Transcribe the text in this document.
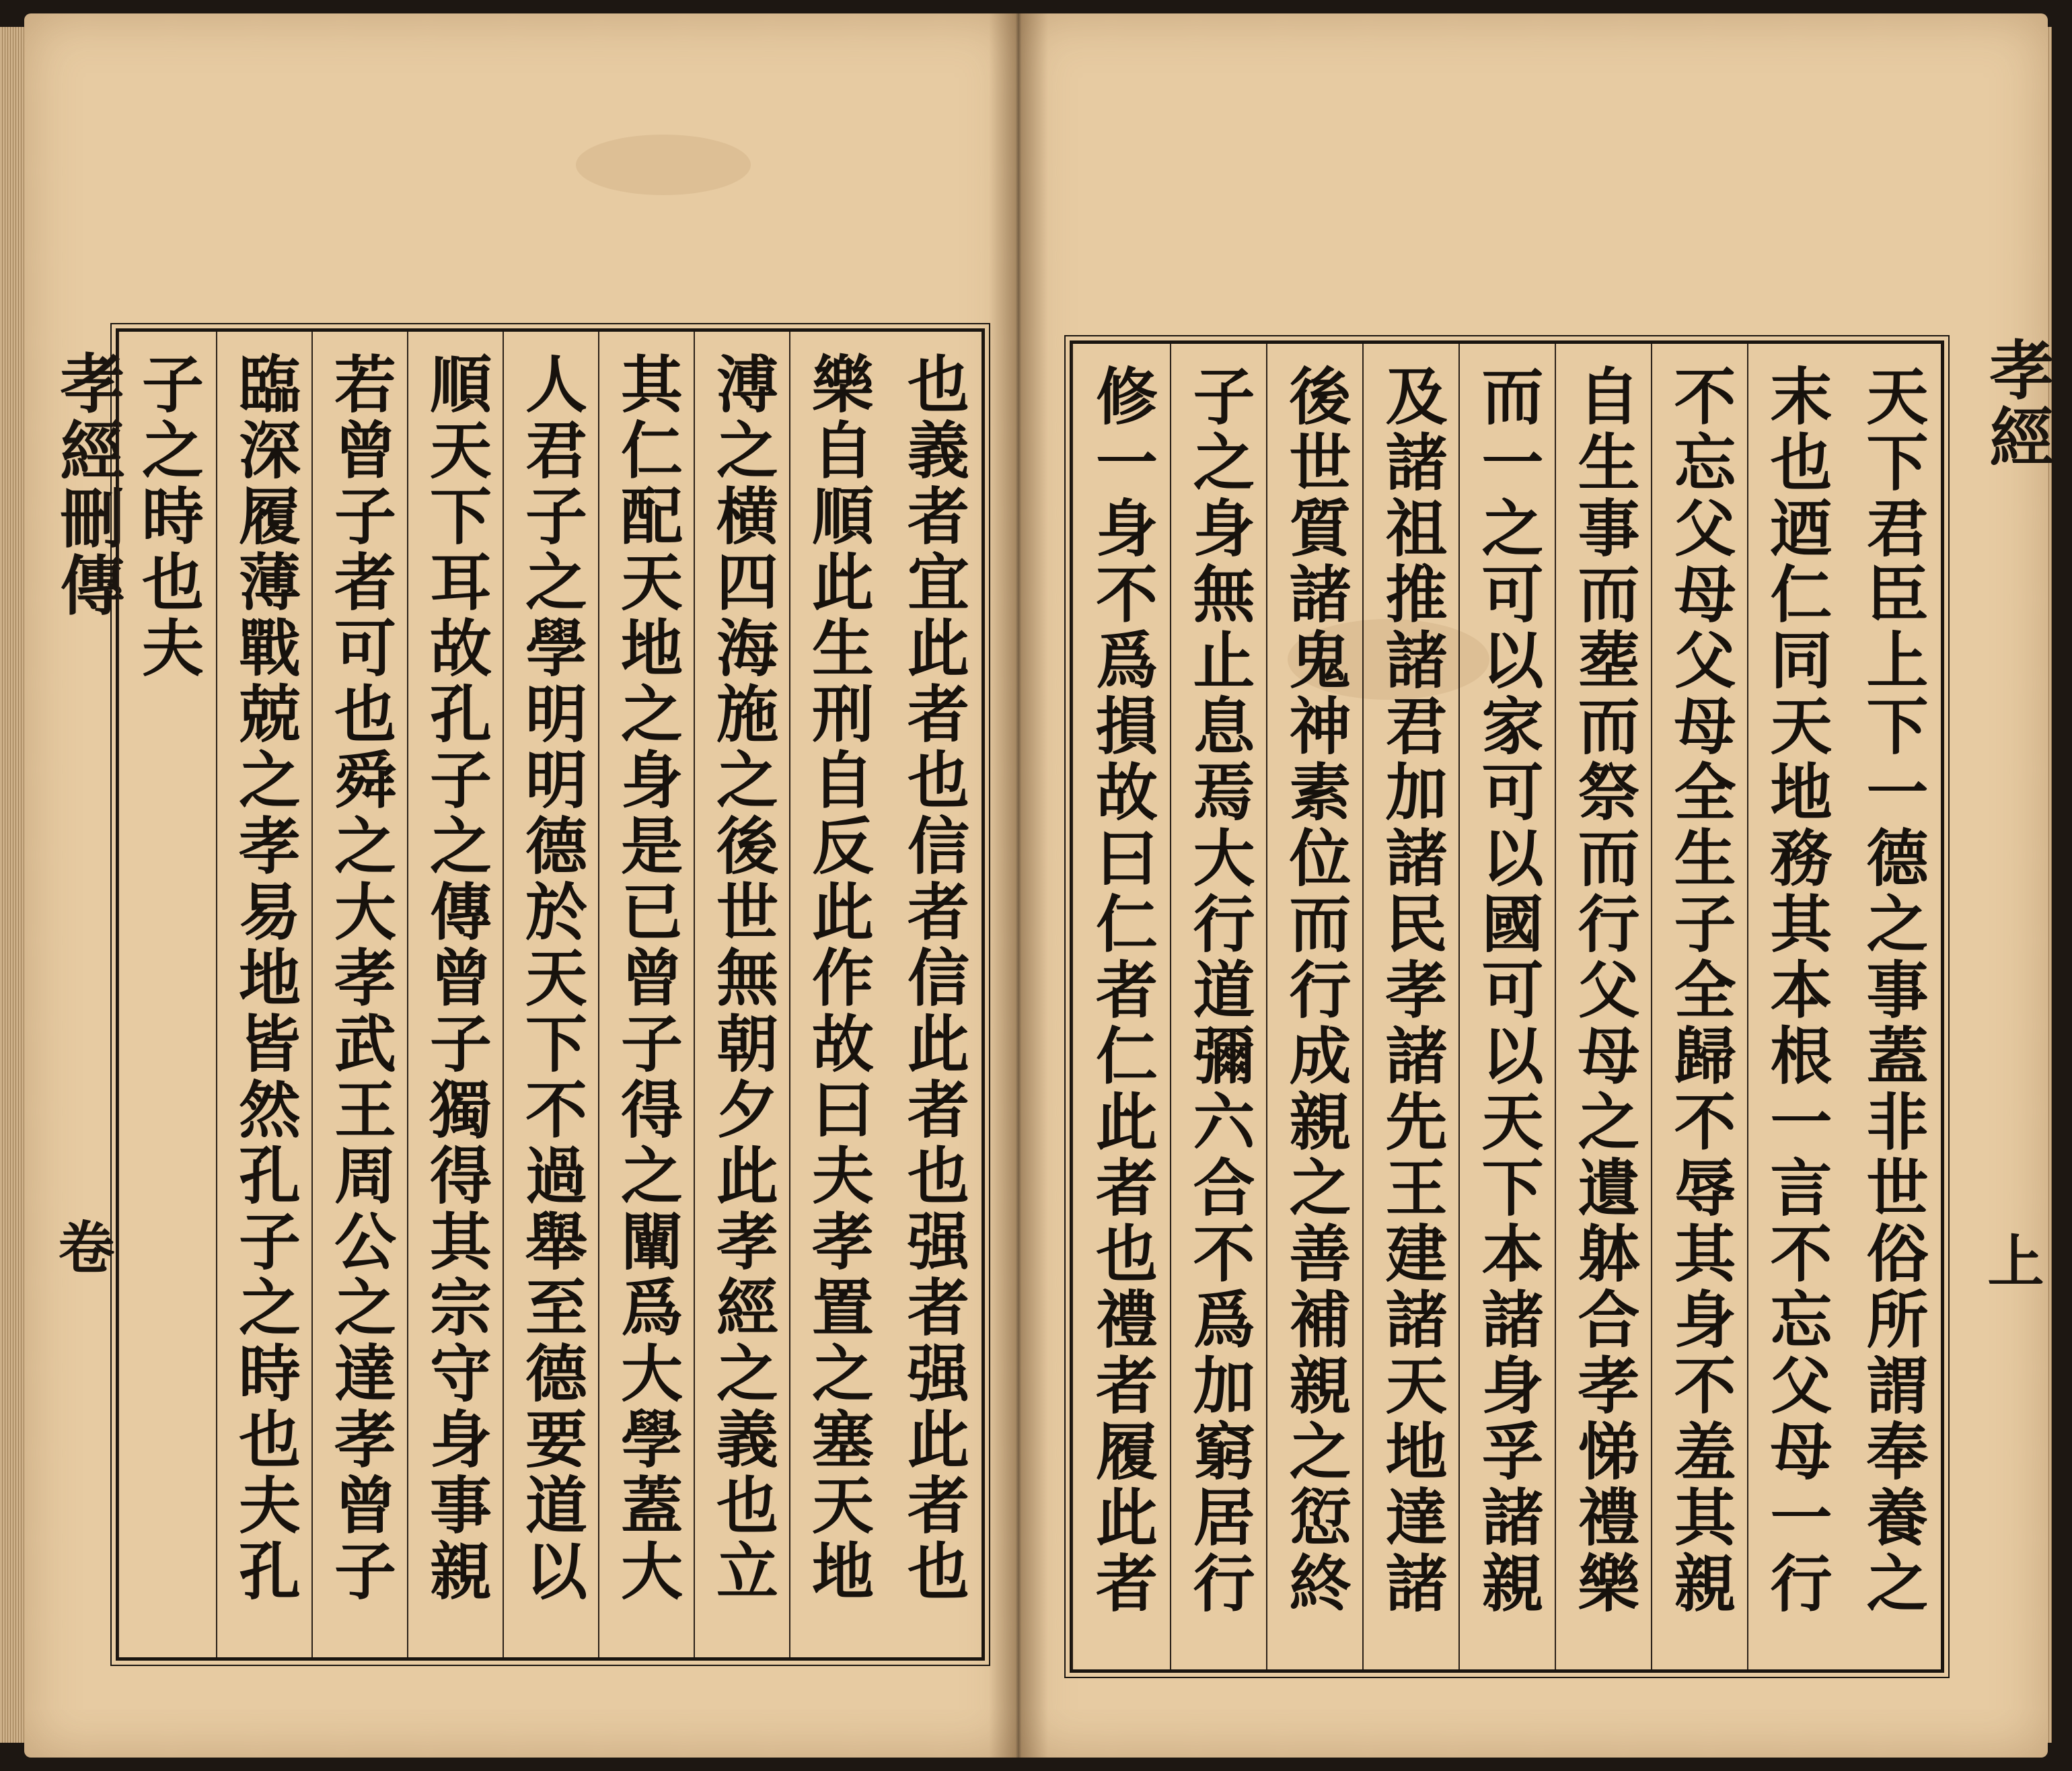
孝經刪傳
卷
孝經
上
也義者宜此者也信者信此者也强者强此者也
樂自順此生刑自反此作故曰夫孝置之塞天地
溥之横四海施之後世無朝夕此孝經之義也立
其仁配天地之身是已曾子得之闡爲大學蓋大
人君子之學明明德於天下不過舉至德要道以
順天下耳故孔子之傳曾子獨得其宗守身事親
若曾子者可也舜之大孝武王周公之達孝曾子
臨深履薄戰兢之孝易地皆然孔子之時也夫孔
子之時也夫	天下君臣上下一德之事蓋非世俗所謂奉養之
末也迺仁同天地務其本根一言不忘父母一行
不忘父母父母全生子全歸不辱其身不羞其親
自生事而塟而祭而行父母之遺躰合孝悌禮樂
而一之可以家可以國可以天下本諸身孚諸親
及諸祖推諸君加諸民孝諸先王建諸天地達諸
後世質諸鬼神素位而行成親之善補親之愆終
子之身無止息焉大行道彌六合不爲加窮居行
修一身不爲損故曰仁者仁此者也禮者履此者
